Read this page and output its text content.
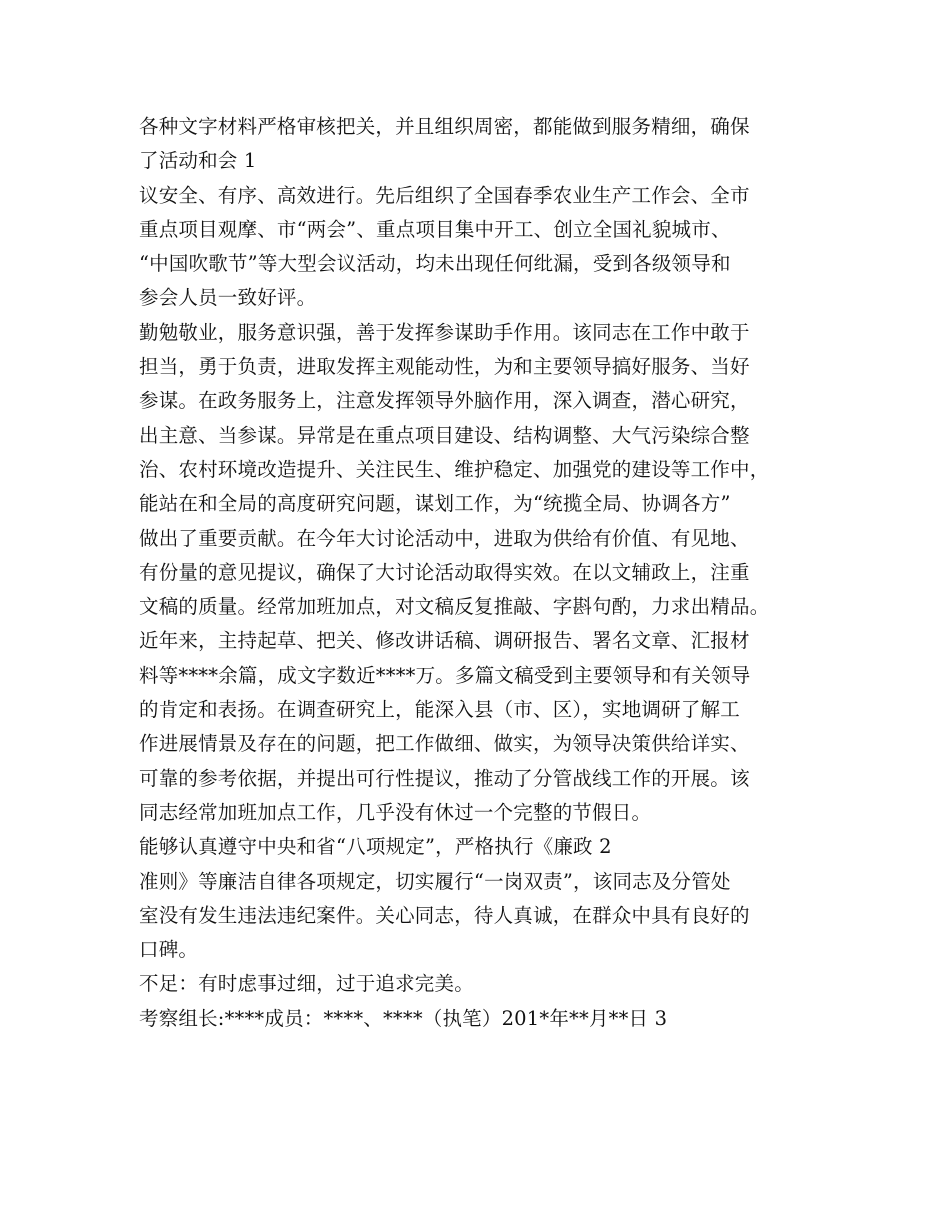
各种文字材料严格审核把关，并且组织周密，都能做到服务精细，确保
了活动和会 1
议安全、有序、高效进行。先后组织了全国春季农业生产工作会、全市
重点项目观摩、市“两会”、重点项目集中开工、创立全国礼貌城市、
“中国吹歌节”等大型会议活动，均未出现任何纰漏，受到各级领导和
参会人员一致好评。
勤勉敬业，服务意识强，善于发挥参谋助手作用。该同志在工作中敢于
担当，勇于负责，进取发挥主观能动性，为和主要领导搞好服务、当好
参谋。在政务服务上，注意发挥领导外脑作用，深入调查，潜心研究，
出主意、当参谋。异常是在重点项目建设、结构调整、大气污染综合整
治、农村环境改造提升、关注民生、维护稳定、加强党的建设等工作中，
能站在和全局的高度研究问题，谋划工作，为“统揽全局、协调各方”
做出了重要贡献。在今年大讨论活动中，进取为供给有价值、有见地、
有份量的意见提议，确保了大讨论活动取得实效。在以文辅政上，注重
文稿的质量。经常加班加点，对文稿反复推敲、字斟句酌，力求出精品。
近年来，主持起草、把关、修改讲话稿、调研报告、署名文章、汇报材
料等****余篇，成文字数近****万。多篇文稿受到主要领导和有关领导
的肯定和表扬。在调查研究上，能深入县（市、区），实地调研了解工
作进展情景及存在的问题，把工作做细、做实，为领导决策供给详实、
可靠的参考依据，并提出可行性提议，推动了分管战线工作的开展。该
同志经常加班加点工作，几乎没有休过一个完整的节假日。
能够认真遵守中央和省“八项规定”，严格执行《廉政 2
准则》等廉洁自律各项规定，切实履行“一岗双责”，该同志及分管处
室没有发生违法违纪案件。关心同志，待人真诚，在群众中具有良好的
口碑。
不足：有时虑事过细，过于追求完美。
考察组长:****成员：****、****（执笔）201*年**月**日 3
